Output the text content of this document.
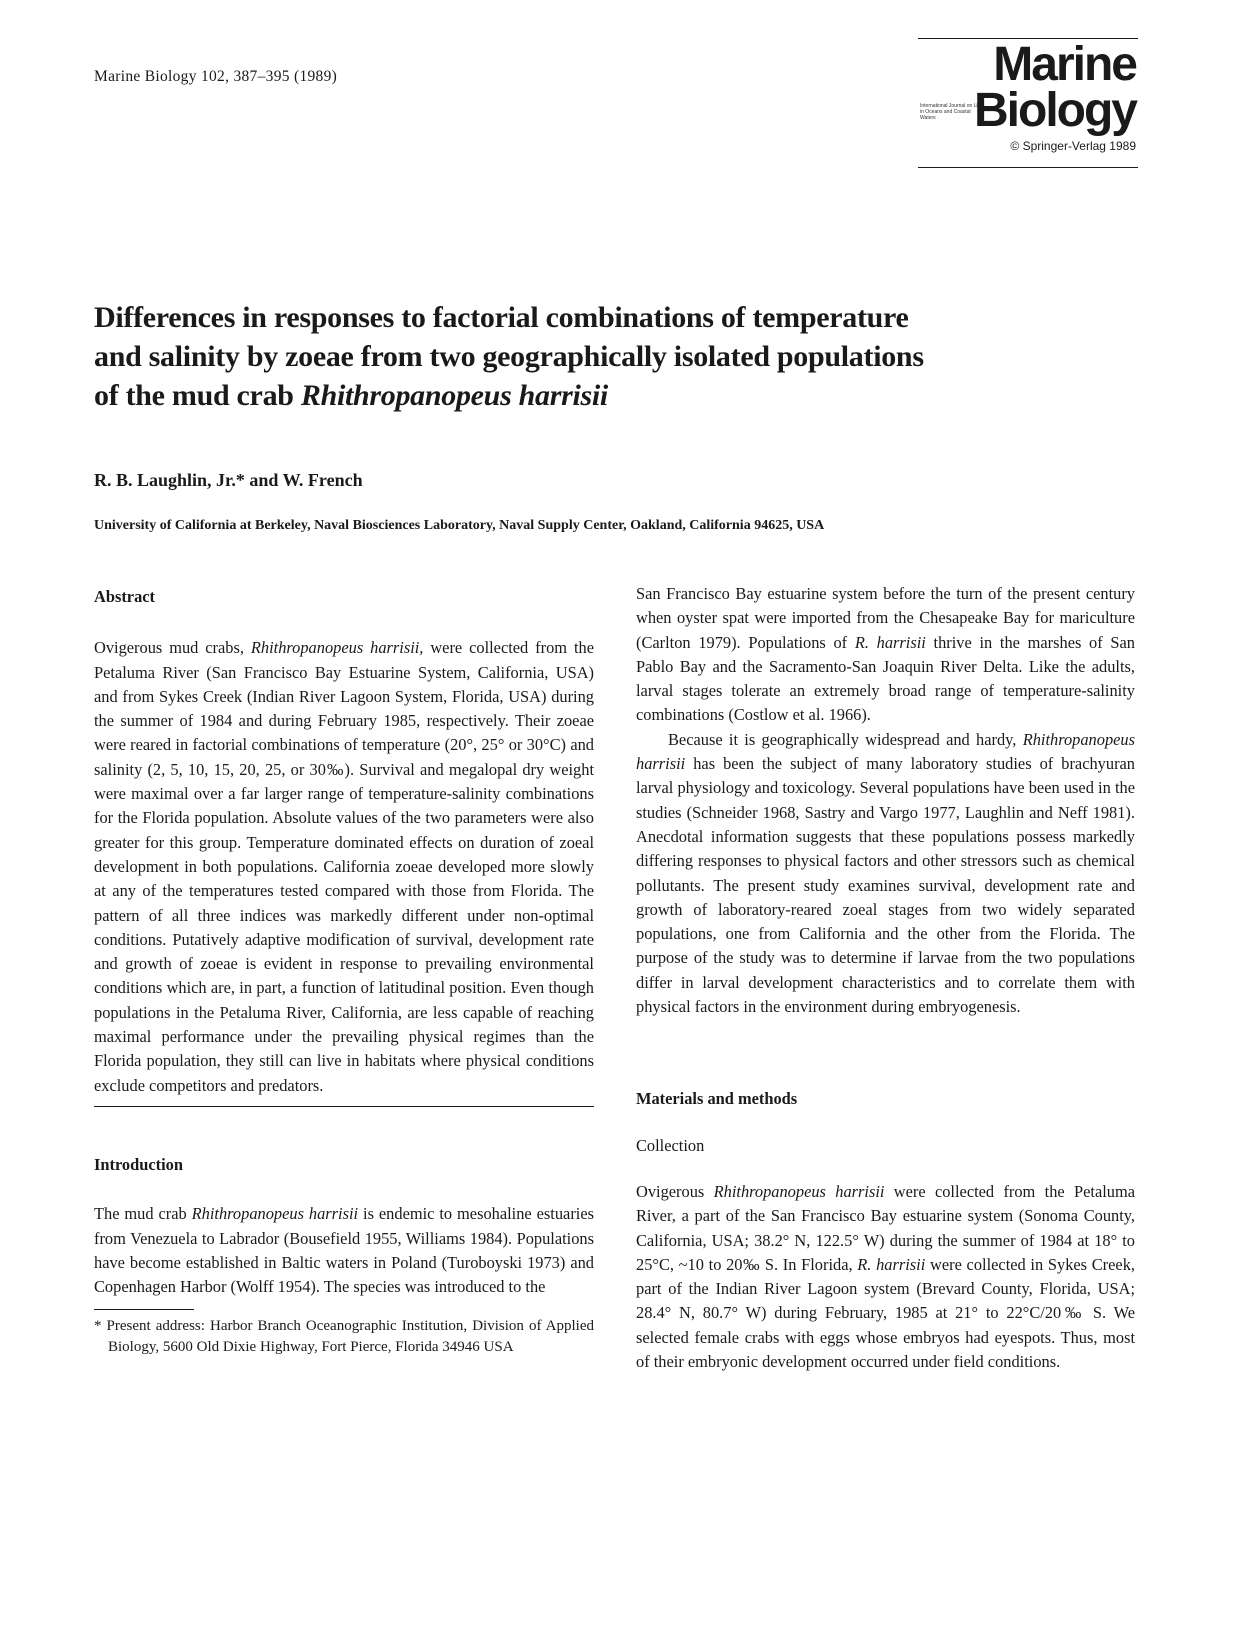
Marine Biology 102, 387–395 (1989)	Marine
International Journal on Life in Oceans and Coastal Waters Biology
© Springer-Verlag 1989
Differences in responses to factorial combinations of temperature
and salinity by zoeae from two geographically isolated populations
of the mud crab Rhithropanopeus harrisii
R. B. Laughlin, Jr.* and W. French
University of California at Berkeley, Naval Biosciences Laboratory, Naval Supply Center, Oakland, California 94625, USA
Abstract

Ovigerous mud crabs, Rhithropanopeus harrisii, were collected from the Petaluma River (San Francisco Bay Estuarine System, California, USA) and from Sykes Creek (Indian River Lagoon System, Florida, USA) during the summer of 1984 and during February 1985, respectively. Their zoeae were reared in factorial combinations of temperature (20°, 25° or 30°C) and salinity (2, 5, 10, 15, 20, 25, or 30‰). Survival and megalopal dry weight were maximal over a far larger range of temperature-salinity combinations for the Florida population. Absolute values of the two parameters were also greater for this group. Temperature dominated effects on duration of zoeal development in both populations. California zoeae developed more slowly at any of the temperatures tested compared with those from Florida. The pattern of all three indices was markedly different under non-optimal conditions. Putatively adaptive modification of survival, development rate and growth of zoeae is evident in response to prevailing environmental conditions which are, in part, a function of latitudinal position. Even though populations in the Petaluma River, California, are less capable of reaching maximal performance under the prevailing physical regimes than the Florida population, they still can live in habitats where physical conditions exclude competitors and predators.

Introduction

The mud crab Rhithropanopeus harrisii is endemic to mesohaline estuaries from Venezuela to Labrador (Bousefield 1955, Williams 1984). Populations have become established in Baltic waters in Poland (Turoboyski 1973) and Copenhagen Harbor (Wolff 1954). The species was introduced to the

* Present address: Harbor Branch Oceanographic Institution, Division of Applied Biology, 5600 Old Dixie Highway, Fort Pierce, Florida 34946 USA

San Francisco Bay estuarine system before the turn of the present century when oyster spat were imported from the Chesapeake Bay for mariculture (Carlton 1979). Populations of R. harrisii thrive in the marshes of San Pablo Bay and the Sacramento-San Joaquin River Delta. Like the adults, larval stages tolerate an extremely broad range of temperature-salinity combinations (Costlow et al. 1966).

Because it is geographically widespread and hardy, Rhithropanopeus harrisii has been the subject of many laboratory studies of brachyuran larval physiology and toxicology. Several populations have been used in the studies (Schneider 1968, Sastry and Vargo 1977, Laughlin and Neff 1981). Anecdotal information suggests that these populations possess markedly differing responses to physical factors and other stressors such as chemical pollutants. The present study examines survival, development rate and growth of laboratory-reared zoeal stages from two widely separated populations, one from California and the other from the Florida. The purpose of the study was to determine if larvae from the two populations differ in larval development characteristics and to correlate them with physical factors in the environment during embryogenesis.

Materials and methods
Collection

Ovigerous Rhithropanopeus harrisii were collected from the Petaluma River, a part of the San Francisco Bay estuarine system (Sonoma County, California, USA; 38.2° N, 122.5° W) during the summer of 1984 at 18° to 25°C, ~10 to 20‰ S. In Florida, R. harrisii were collected in Sykes Creek, part of the Indian River Lagoon system (Brevard County, Florida, USA; 28.4° N, 80.7° W) during February, 1985 at 21° to 22°C/20‰ S. We selected female crabs with eggs whose embryos had eyespots. Thus, most of their embryonic development occurred under field conditions.
